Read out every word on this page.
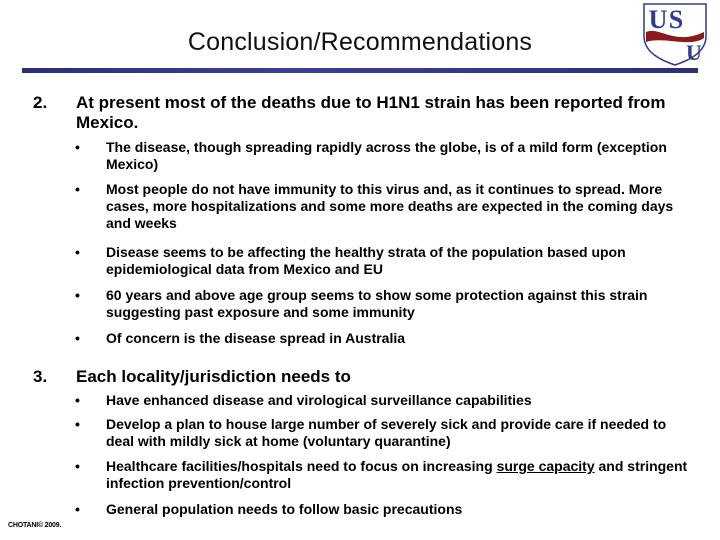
Conclusion/Recommendations
U S
U
2. At present most of the deaths due to H1N1 strain has been reported from Mexico.
• The disease, though spreading rapidly across the globe, is of a mild form (exception Mexico)
• Most people do not have immunity to this virus and, as it continues to spread. More cases, more hospitalizations and some more deaths are expected in the coming days and weeks
• Disease seems to be affecting the healthy strata of the population based upon epidemiological data from Mexico and EU
• 60 years and above age group seems to show some protection against this strain suggesting past exposure and some immunity
• Of concern is the disease spread in Australia
3. Each locality/jurisdiction needs to
• Have enhanced disease and virological surveillance capabilities
• Develop a plan to house large number of severely sick and provide care if needed to deal with mildly sick at home (voluntary quarantine)
• Healthcare facilities/hospitals need to focus on increasing surge capacity and stringent infection prevention/control
• General population needs to follow basic precautions
CHOTANI© 2009.
